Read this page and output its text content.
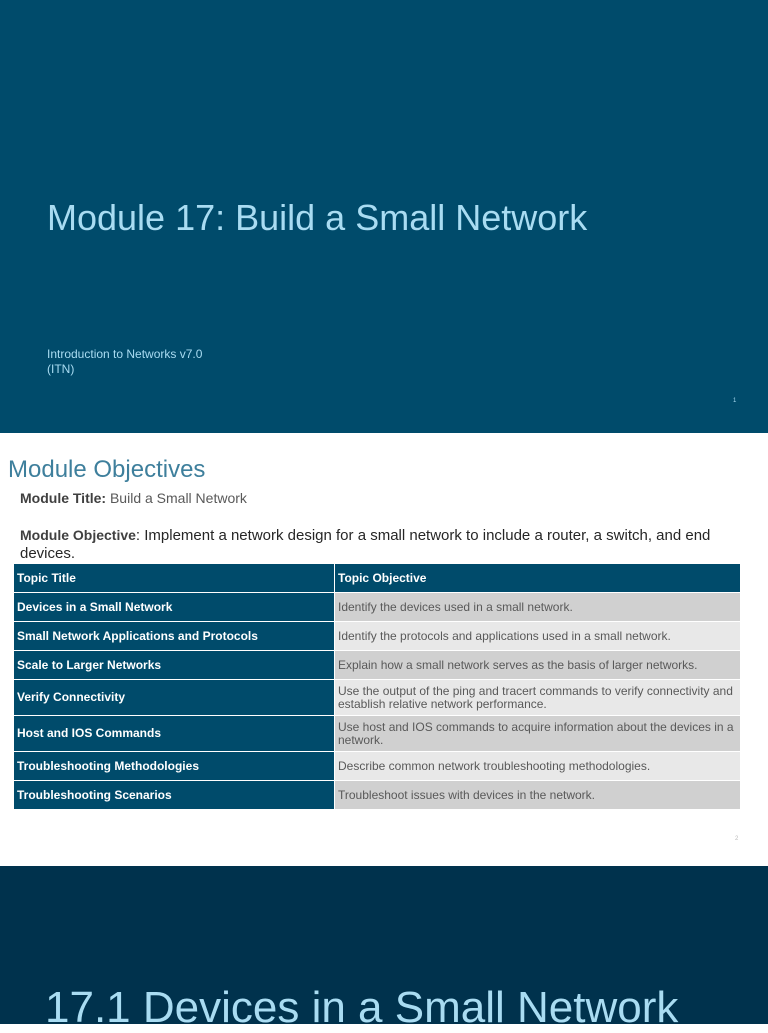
Module 17: Build a Small Network
Introduction to Networks v7.0
(ITN)
1
Module Objectives
Module Title: Build a Small Network
Module Objective: Implement a network design for a small network to include a router, a switch, and end devices.
Topic Title	Topic Objective
Devices in a Small Network	Identify the devices used in a small network.
Small Network Applications and Protocols	Identify the protocols and applications used in a small network.
Scale to Larger Networks	Explain how a small network serves as the basis of larger networks.
Verify Connectivity	Use the output of the ping and tracert commands to verify connectivity and establish relative network performance.
Host and IOS Commands	Use host and IOS commands to acquire information about the devices in a network.
Troubleshooting Methodologies	Describe common network troubleshooting methodologies.
Troubleshooting Scenarios	Troubleshoot issues with devices in the network.
2
17.1 Devices in a Small Network
